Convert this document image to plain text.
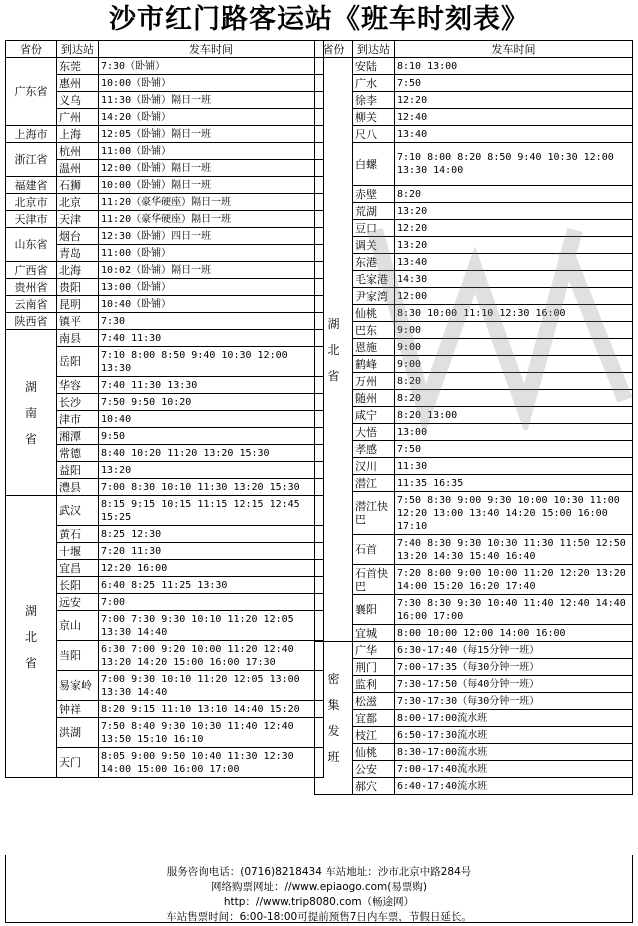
沙市红门路客运站《班车时刻表》
省份	到达站	发车时间
广东省	东莞	7:30（卧铺）
	惠州	10:00（卧铺）
	义乌	11:30（卧铺）隔日一班
	广州	14:20（卧铺）
上海市	上海	12:05（卧铺）隔日一班
浙江省	杭州	11:00（卧铺）
	温州	12:00（卧铺）隔日一班
福建省	石狮	10:00（卧铺）隔日一班
北京市	北京	11:20（豪华硬座）隔日一班
天津市	天津	11:20（豪华硬座）隔日一班
山东省	烟台	12:30（卧铺）四日一班
	青岛	11:00（卧铺）
广西省	北海	10:02（卧铺）隔日一班
贵州省	贵阳	13:00（卧铺）
云南省	昆明	10:40（卧铺）
陕西省	镇平	7:30
湖南省	南县	7:40 11:30
	岳阳	7:10 8:00 8:50 9:40 10:30 12:00 13:30
	华容	7:40 11:30 13:30
	长沙	7:50 9:50 10:20
	津市	10:40
	湘潭	9:50
	常德	8:40 10:20 11:20 13:20 15:30
	益阳	13:20
	澧县	7:00 8:30 10:10 11:30 13:20 15:30
湖北省	武汉	8:15 9:15 10:15 11:15 12:15 12:45 15:25
	黄石	8:25 12:30
	十堰	7:20 11:30
	宜昌	12:20 16:00
	长阳	6:40 8:25 11:25 13:30
	远安	7:00
	京山	7:00 7:30 9:30 10:10 11:20 12:05 13:30 14:40
	当阳	6:30 7:00 9:20 10:00 11:20 12:40 13:20 14:20 15:00 16:00 17:30
	易家岭	7:00 9:30 10:10 11:20 12:05 13:00 13:30 14:40
	钟祥	8:20 9:15 11:10 13:10 14:40 15:20
	洪湖	7:50 8:40 9:30 10:30 11:40 12:40 13:50 15:10 16:10
	天门	8:05 9:00 9:50 10:40 11:30 12:30 14:00 15:00 16:00 17:00
省份	到达站	发车时间
湖北省	安陆	8:10 13:00
	广水	7:50
	徐李	12:20
	柳关	12:40
	尺八	13:40
	白螺	7:10 8:00 8:20 8:50 9:40 10:30 12:00 13:30 14:00
	赤壁	8:20
	荒湖	13:20
	豆口	12:20
	调关	13:20
	东港	13:40
	毛家港	14:30
	尹家湾	12:00
	仙桃	8:30 10:00 11:10 12:30 16:00
	巴东	9:00
	恩施	9:00
	鹤峰	9:00
	万州	8:20
	随州	8:20
	咸宁	8:20 13:00
	大悟	13:00
	孝感	7:50
	汉川	11:30
	潜江	11:35 16:35
	潜江快巴	7:50 8:30 9:00 9:30 10:00 10:30 11:00 12:20 13:00 13:40 14:20 15:00 16:00 17:10
	石首	7:40 8:30 9:30 10:30 11:30 11:50 12:50 13:20 14:30 15:40 16:40
	石首快巴	7:20 8:00 9:00 10:00 11:20 12:20 13:20 14:00 15:20 16:20 17:40
	襄阳	7:30 8:30 9:30 10:40 11:40 12:40 14:40 16:00 17:00
	宜城	8:00 10:00 12:00 14:00 16:00
密集发班	广华	6:30-17:40（每15分钟一班）
	荆门	7:00-17:35（每30分钟一班）
	监利	7:30-17:50（每40分钟一班）
	松滋	7:30-17:30（每30分钟一班）
	宜都	8:00-17:00流水班
	枝江	6:50-17:30流水班
	仙桃	8:30-17:00流水班
	公安	7:00-17:40流水班
	郝穴	6:40-17:40流水班
服务咨询电话：(0716)8218434 车站地址：沙市北京中路284号
网络购票网址：//www.epiaogo.com(易票购)
http：//www.trip8080.com（畅途网）
车站售票时间：6:00-18:00可提前预售7日内车票，节假日延长。
